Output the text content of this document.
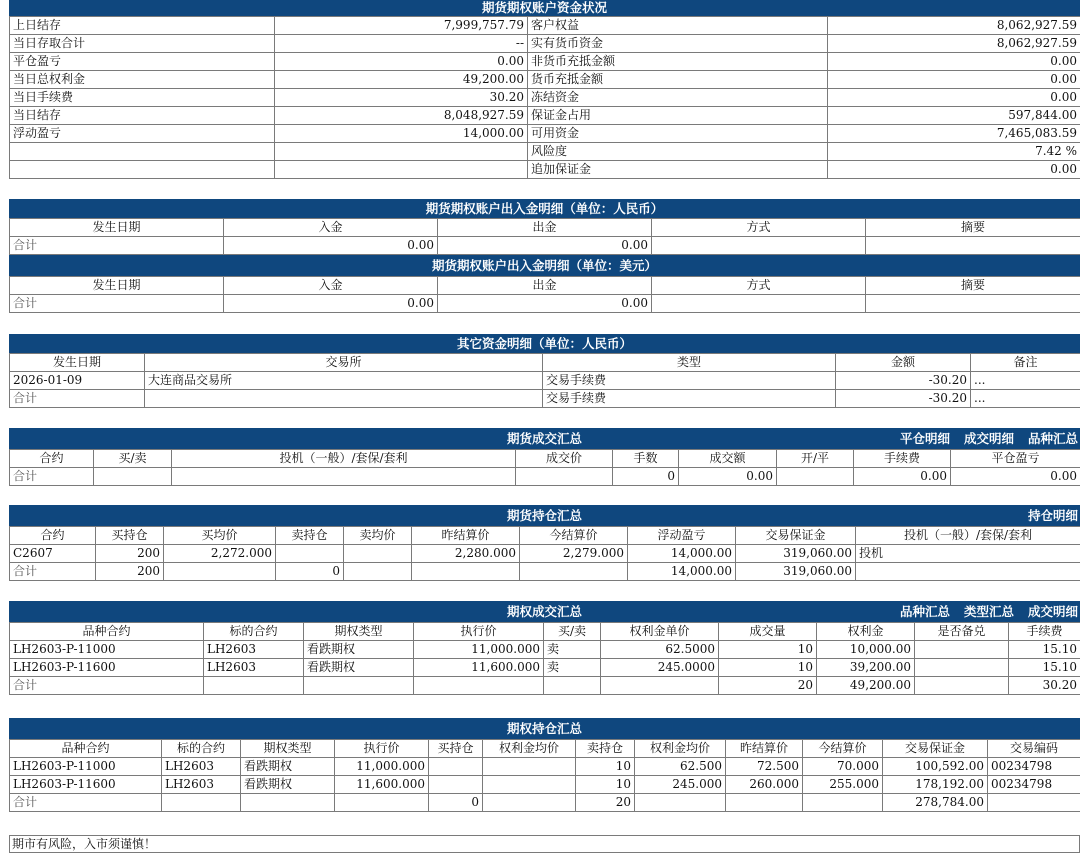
期货期权账户资金状况
上日结存	7,999,757.79	客户权益	8,062,927.59
当日存取合计	--	实有货币资金	8,062,927.59
平仓盈亏	0.00	非货币充抵金额	0.00
当日总权利金	49,200.00	货币充抵金额	0.00
当日手续费	30.20	冻结资金	0.00
当日结存	8,048,927.59	保证金占用	597,844.00
浮动盈亏	14,000.00	可用资金	7,465,083.59
		风险度	7.42 %
		追加保证金	0.00
期货期权账户出入金明细（单位：人民币）
发生日期	入金	出金	方式	摘要
合计	0.00	0.00		
期货期权账户出入金明细（单位：美元）
发生日期	入金	出金	方式	摘要
合计	0.00	0.00		
其它资金明细（单位：人民币）
发生日期	交易所	类型	金额	备注
2026-01-09	大连商品交易所	交易手续费	-30.20	...
合计		交易手续费	-30.20	...
期货成交汇总	平仓明细 成交明细 品种汇总
合约	买/卖	投机（一般）/套保/套利	成交价	手数	成交额	开/平	手续费	平仓盈亏
合计				0	0.00		0.00	0.00
期货持仓汇总	持仓明细
合约	买持仓	买均价	卖持仓	卖均价	昨结算价	今结算价	浮动盈亏	交易保证金	投机（一般）/套保/套利
C2607	200	2,272.000			2,280.000	2,279.000	14,000.00	319,060.00	投机
合计	200		0				14,000.00	319,060.00	
期权成交汇总	品种汇总 类型汇总 成交明细
品种合约	标的合约	期权类型	执行价	买/卖	权利金单价	成交量	权利金	是否备兑	手续费
LH2603-P-11000	LH2603	看跌期权	11,000.000	卖	62.5000	10	10,000.00		15.10
LH2603-P-11600	LH2603	看跌期权	11,600.000	卖	245.0000	10	39,200.00		15.10
合计						20	49,200.00		30.20
期权持仓汇总
品种合约	标的合约	期权类型	执行价	买持仓	权利金均价	卖持仓	权利金均价	昨结算价	今结算价	交易保证金	交易编码
LH2603-P-11000	LH2603	看跌期权	11,000.000			10	62.500	72.500	70.000	100,592.00	00234798
LH2603-P-11600	LH2603	看跌期权	11,600.000			10	245.000	260.000	255.000	178,192.00	00234798
合计				0		20				278,784.00	
期市有风险，入市须谨慎！
